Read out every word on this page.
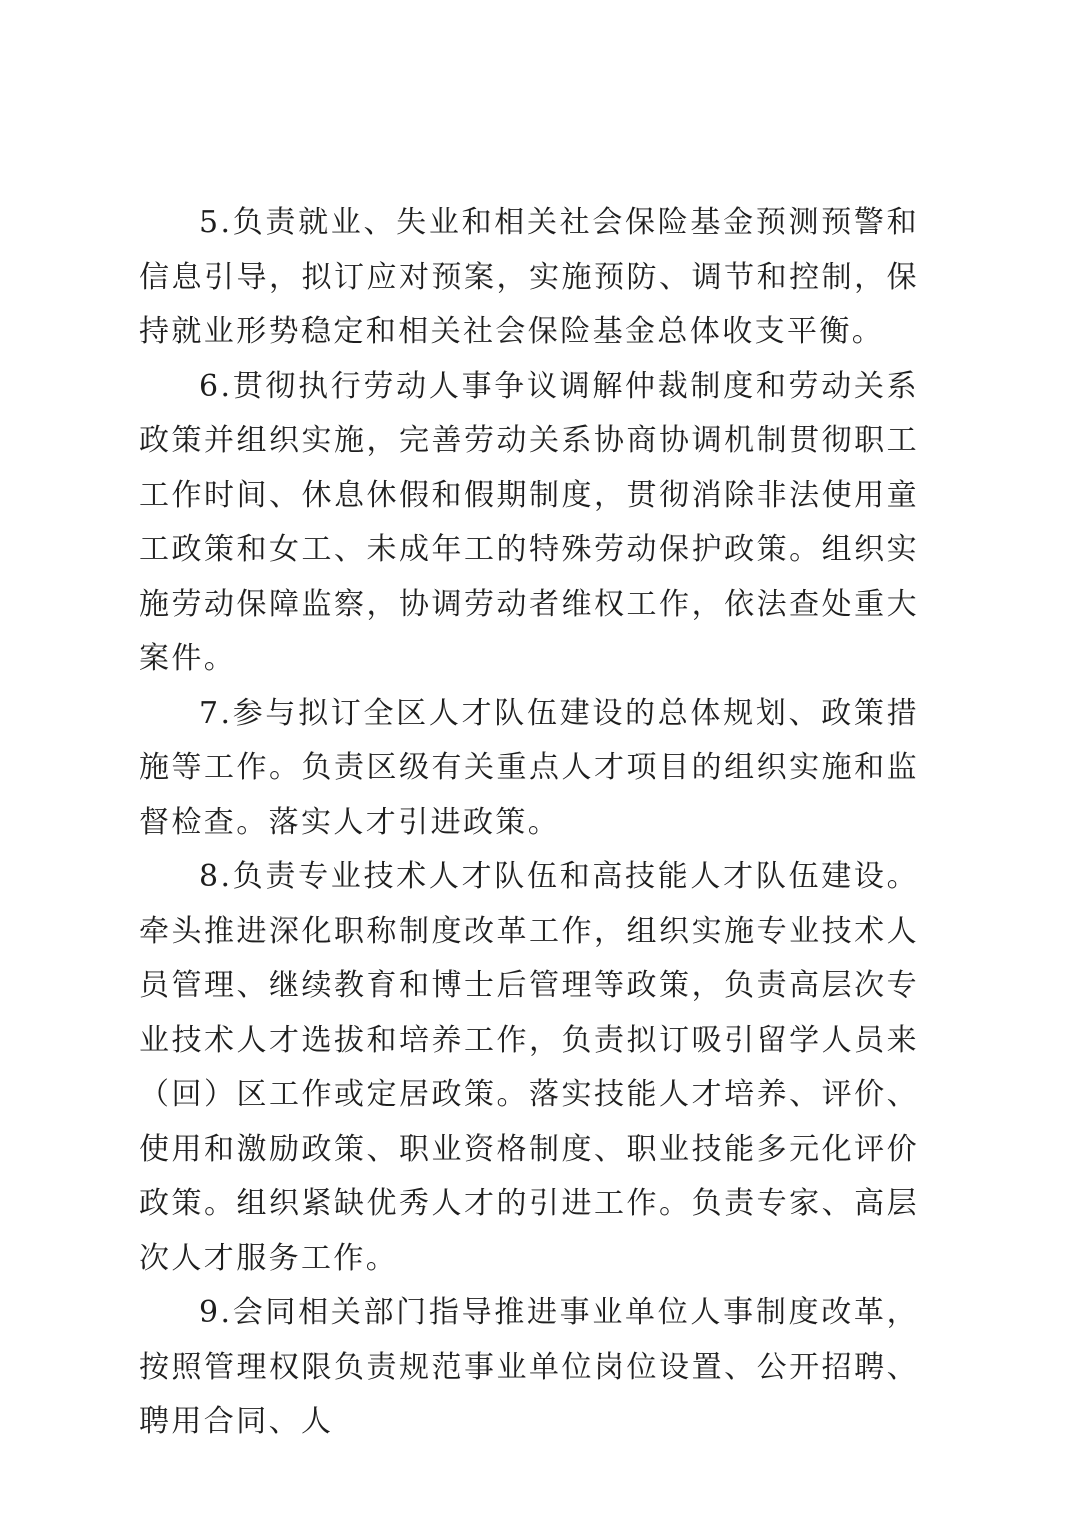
5.负责就业、失业和相关社会保险基金预测预警和信息引导，拟订应对预案，实施预防、调节和控制，保持就业形势稳定和相关社会保险基金总体收支平衡。

6.贯彻执行劳动人事争议调解仲裁制度和劳动关系政策并组织实施，完善劳动关系协商协调机制贯彻职工工作时间、休息休假和假期制度，贯彻消除非法使用童工政策和女工、未成年工的特殊劳动保护政策。组织实施劳动保障监察，协调劳动者维权工作，依法查处重大案件。

7.参与拟订全区人才队伍建设的总体规划、政策措施等工作。负责区级有关重点人才项目的组织实施和监督检查。落实人才引进政策。

8.负责专业技术人才队伍和高技能人才队伍建设。牵头推进深化职称制度改革工作，组织实施专业技术人员管理、继续教育和博士后管理等政策，负责高层次专业技术人才选拔和培养工作，负责拟订吸引留学人员来（回）区工作或定居政策。落实技能人才培养、评价、使用和激励政策、职业资格制度、职业技能多元化评价政策。组织紧缺优秀人才的引进工作。负责专家、高层次人才服务工作。

9.会同相关部门指导推进事业单位人事制度改革，按照管理权限负责规范事业单位岗位设置、公开招聘、聘用合同、人
